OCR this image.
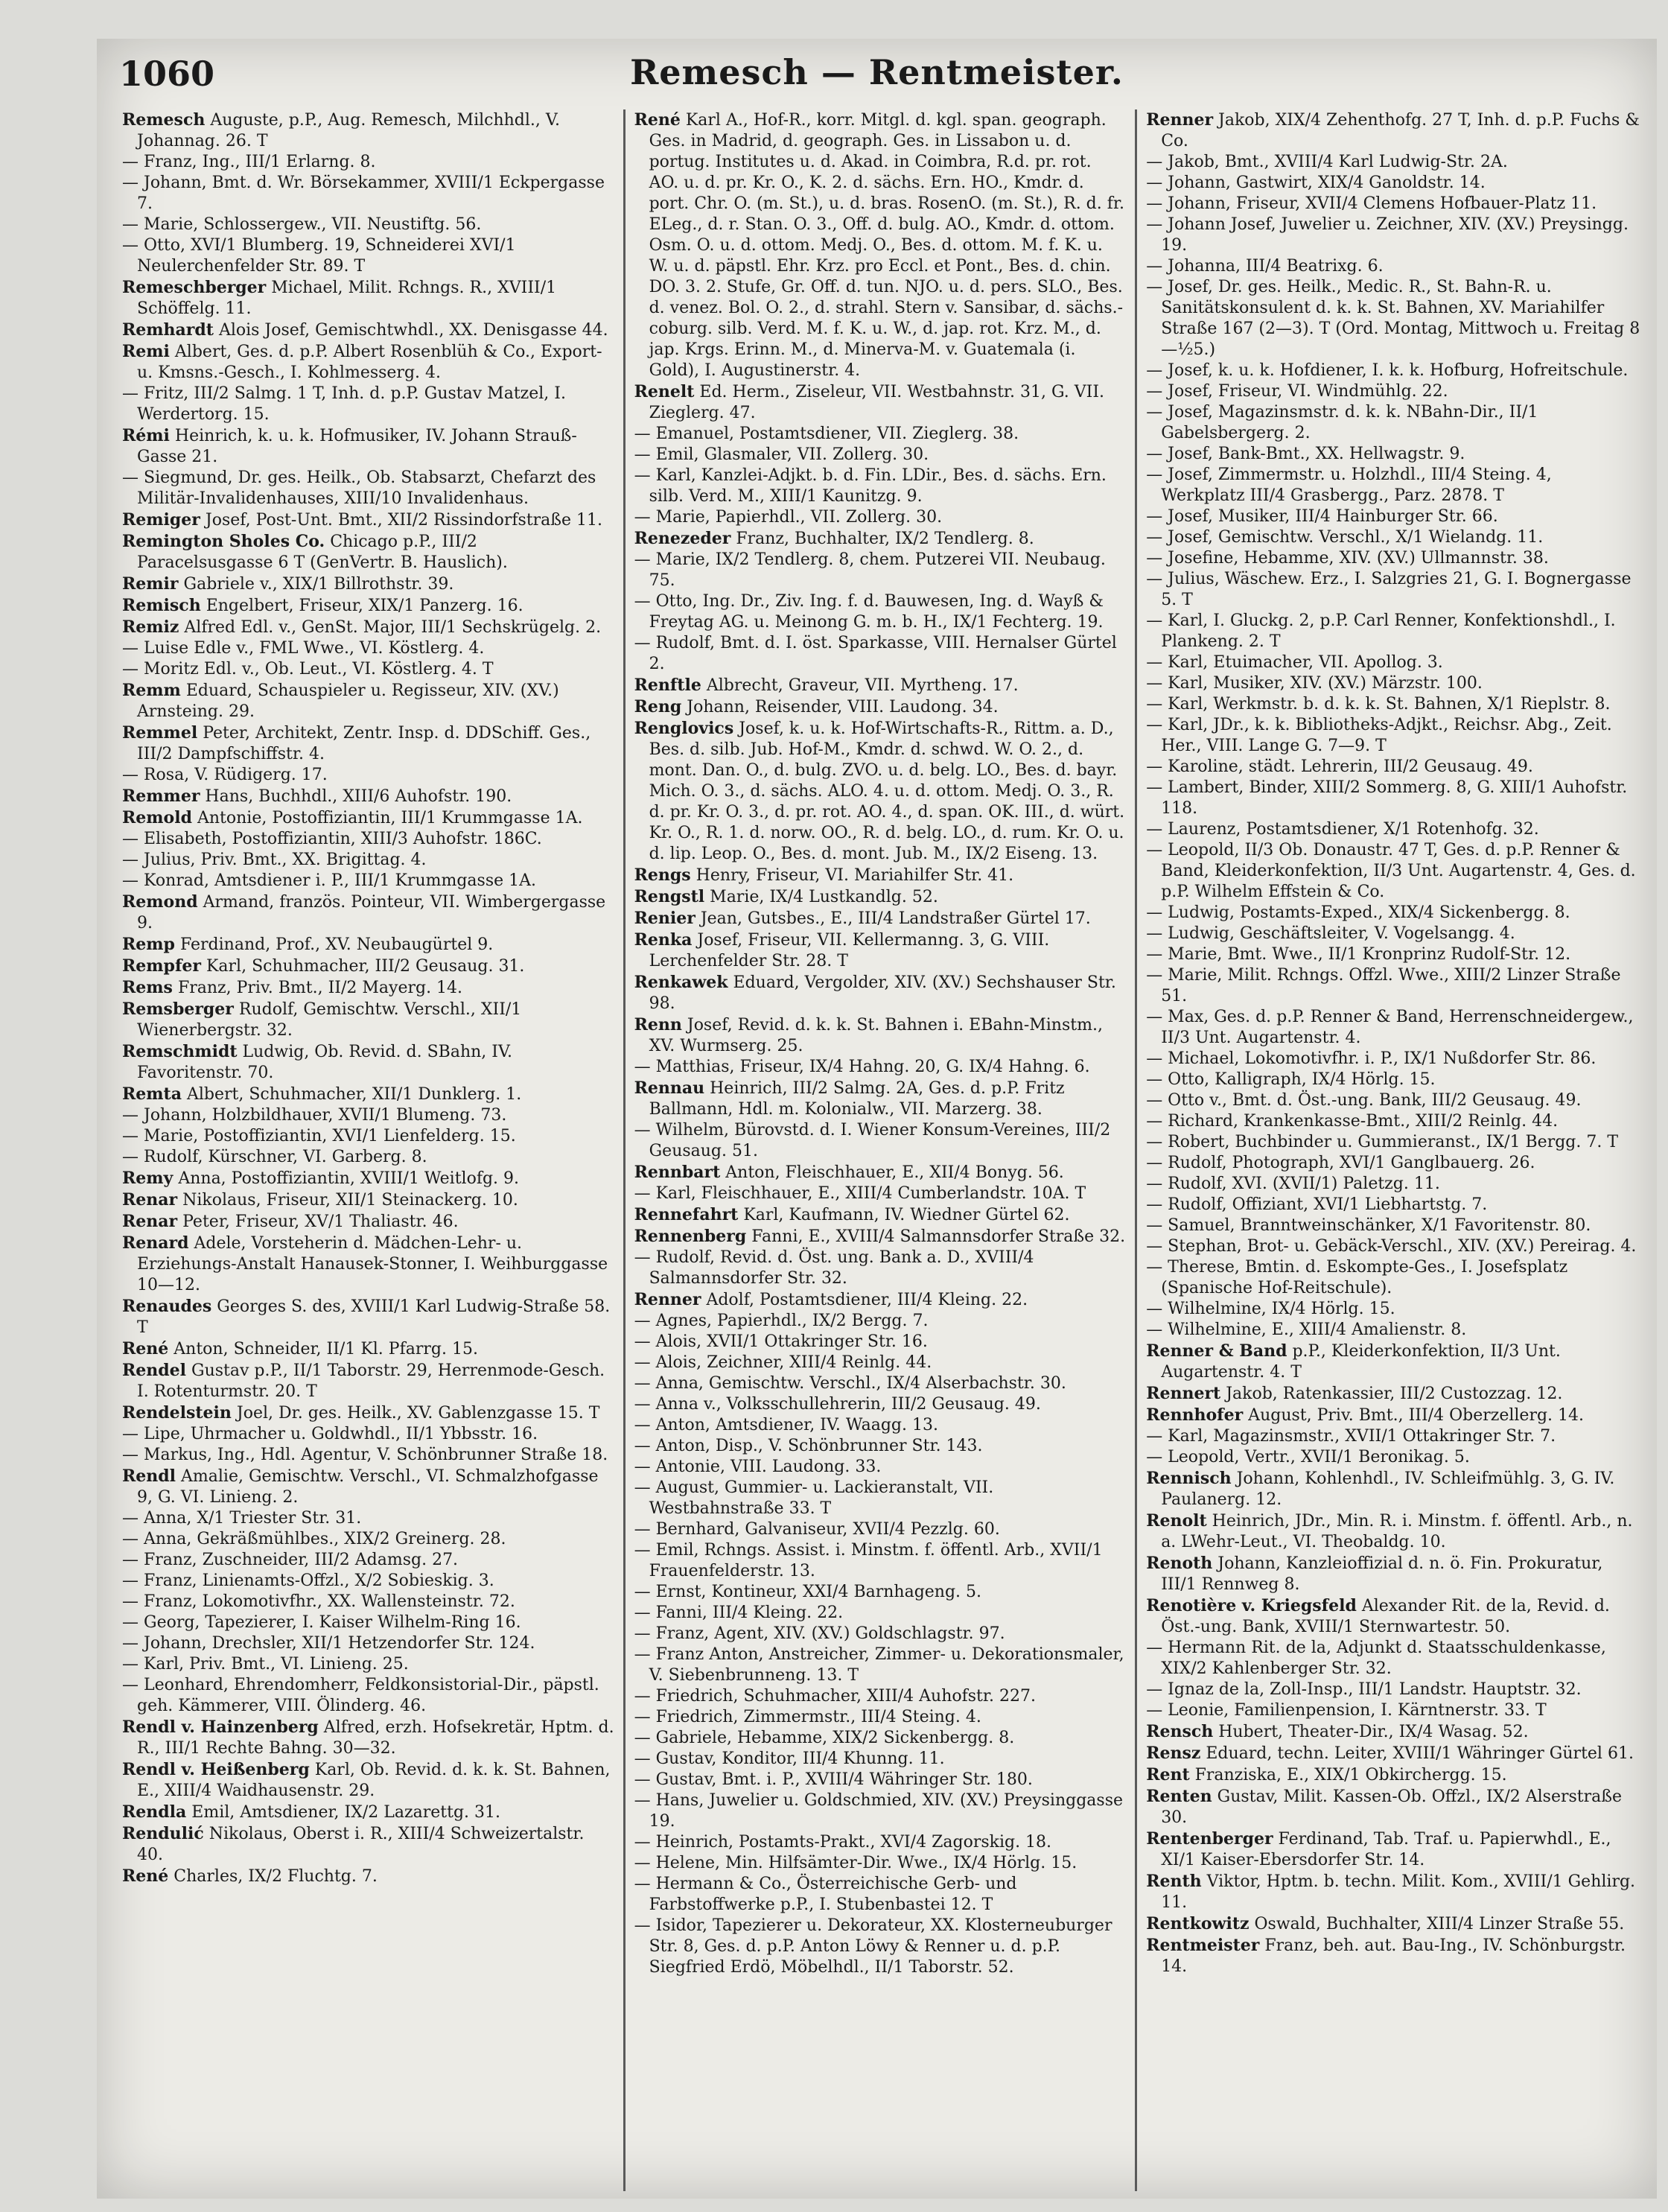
1060	Remesch — Rentmeister.

Remesch Auguste, p.P., Aug. Remesch, Milchhdl., V. Johannag. 26. T

— Franz, Ing., III/1 Erlarng. 8.

— Johann, Bmt. d. Wr. Börsekammer, XVIII/1 Eckpergasse 7.

— Marie, Schlossergew., VII. Neustiftg. 56.

— Otto, XVI/1 Blumberg. 19, Schneiderei XVI/1 Neulerchenfelder Str. 89. T

Remeschberger Michael, Milit. Rchngs. R., XVIII/1 Schöffelg. 11.

Remhardt Alois Josef, Gemischtwhdl., XX. Denisgasse 44.

Remi Albert, Ges. d. p.P. Albert Rosenblüh & Co., Export- u. Kmsns.-Gesch., I. Kohlmesserg. 4.

— Fritz, III/2 Salmg. 1 T, Inh. d. p.P. Gustav Matzel, I. Werdertorg. 15.

Rémi Heinrich, k. u. k. Hofmusiker, IV. Johann Strauß-Gasse 21.

— Siegmund, Dr. ges. Heilk., Ob. Stabsarzt, Chefarzt des Militär-Invalidenhauses, XIII/10 Invalidenhaus.

Remiger Josef, Post-Unt. Bmt., XII/2 Rissindorfstraße 11.

Remington Sholes Co. Chicago p.P., III/2 Paracelsusgasse 6 T (GenVertr. B. Hauslich).

Remir Gabriele v., XIX/1 Billrothstr. 39.

Remisch Engelbert, Friseur, XIX/1 Panzerg. 16.

Remiz Alfred Edl. v., GenSt. Major, III/1 Sechskrügelg. 2.

— Luise Edle v., FML Wwe., VI. Köstlerg. 4.

— Moritz Edl. v., Ob. Leut., VI. Köstlerg. 4. T

Remm Eduard, Schauspieler u. Regisseur, XIV. (XV.) Arnsteing. 29.

Remmel Peter, Architekt, Zentr. Insp. d. DDSchiff. Ges., III/2 Dampfschiffstr. 4.

— Rosa, V. Rüdigerg. 17.

Remmer Hans, Buchhdl., XIII/6 Auhofstr. 190.

Remold Antonie, Postoffiziantin, III/1 Krummgasse 1A.

— Elisabeth, Postoffiziantin, XIII/3 Auhofstr. 186C.

— Julius, Priv. Bmt., XX. Brigittag. 4.

— Konrad, Amtsdiener i. P., III/1 Krummgasse 1A.

Remond Armand, französ. Pointeur, VII. Wimbergergasse 9.

Remp Ferdinand, Prof., XV. Neubaugürtel 9.

Rempfer Karl, Schuhmacher, III/2 Geusaug. 31.

Rems Franz, Priv. Bmt., II/2 Mayerg. 14.

Remsberger Rudolf, Gemischtw. Verschl., XII/1 Wienerbergstr. 32.

Remschmidt Ludwig, Ob. Revid. d. SBahn, IV. Favoritenstr. 70.

Remta Albert, Schuhmacher, XII/1 Dunklerg. 1.

— Johann, Holzbildhauer, XVII/1 Blumeng. 73.

— Marie, Postoffiziantin, XVI/1 Lienfelderg. 15.

— Rudolf, Kürschner, VI. Garberg. 8.

Remy Anna, Postoffiziantin, XVIII/1 Weitlofg. 9.

Renar Nikolaus, Friseur, XII/1 Steinackerg. 10.

Renar Peter, Friseur, XV/1 Thaliastr. 46.

Renard Adele, Vorsteherin d. Mädchen-Lehr- u. Erziehungs-Anstalt Hanausek-Stonner, I. Weihburggasse 10—12.

Renaudes Georges S. des, XVIII/1 Karl Ludwig-Straße 58. T

René Anton, Schneider, II/1 Kl. Pfarrg. 15.

Rendel Gustav p.P., II/1 Taborstr. 29, Herrenmode-Gesch. I. Rotenturmstr. 20. T

Rendelstein Joel, Dr. ges. Heilk., XV. Gablenzgasse 15. T

— Lipe, Uhrmacher u. Goldwhdl., II/1 Ybbsstr. 16.

— Markus, Ing., Hdl. Agentur, V. Schönbrunner Straße 18.

Rendl Amalie, Gemischtw. Verschl., VI. Schmalzhofgasse 9, G. VI. Linieng. 2.

— Anna, X/1 Triester Str. 31.

— Anna, Gekräßmühlbes., XIX/2 Greinerg. 28.

— Franz, Zuschneider, III/2 Adamsg. 27.

— Franz, Linienamts-Offzl., X/2 Sobieskig. 3.

— Franz, Lokomotivfhr., XX. Wallensteinstr. 72.

— Georg, Tapezierer, I. Kaiser Wilhelm-Ring 16.

— Johann, Drechsler, XII/1 Hetzendorfer Str. 124.

— Karl, Priv. Bmt., VI. Linieng. 25.

— Leonhard, Ehrendomherr, Feldkonsistorial-Dir., päpstl. geh. Kämmerer, VIII. Ölinderg. 46.

Rendl v. Hainzenberg Alfred, erzh. Hofsekretär, Hptm. d. R., III/1 Rechte Bahng. 30—32.

Rendl v. Heißenberg Karl, Ob. Revid. d. k. k. St. Bahnen, E., XIII/4 Waidhausenstr. 29.

Rendla Emil, Amtsdiener, IX/2 Lazarettg. 31.

Rendulić Nikolaus, Oberst i. R., XIII/4 Schweizertalstr. 40.

René Charles, IX/2 Fluchtg. 7.

René Karl A., Hof-R., korr. Mitgl. d. kgl. span. geograph. Ges. in Madrid, d. geograph. Ges. in Lissabon u. d. portug. Institutes u. d. Akad. in Coimbra, R.d. pr. rot. AO. u. d. pr. Kr. O., K. 2. d. sächs. Ern. HO., Kmdr. d. port. Chr. O. (m. St.), u. d. bras. RosenO. (m. St.), R. d. fr. ELeg., d. r. Stan. O. 3., Off. d. bulg. AO., Kmdr. d. ottom. Osm. O. u. d. ottom. Medj. O., Bes. d. ottom. M. f. K. u. W. u. d. päpstl. Ehr. Krz. pro Eccl. et Pont., Bes. d. chin. DO. 3. 2. Stufe, Gr. Off. d. tun. NJO. u. d. pers. SLO., Bes. d. venez. Bol. O. 2., d. strahl. Stern v. Sansibar, d. sächs.-coburg. silb. Verd. M. f. K. u. W., d. jap. rot. Krz. M., d. jap. Krgs. Erinn. M., d. Minerva-M. v. Guatemala (i. Gold), I. Augustinerstr. 4.

Renelt Ed. Herm., Ziseleur, VII. Westbahnstr. 31, G. VII. Zieglerg. 47.

— Emanuel, Postamtsdiener, VII. Zieglerg. 38.

— Emil, Glasmaler, VII. Zollerg. 30.

— Karl, Kanzlei-Adjkt. b. d. Fin. LDir., Bes. d. sächs. Ern. silb. Verd. M., XIII/1 Kaunitzg. 9.

— Marie, Papierhdl., VII. Zollerg. 30.

Renezeder Franz, Buchhalter, IX/2 Tendlerg. 8.

— Marie, IX/2 Tendlerg. 8, chem. Putzerei VII. Neubaug. 75.

— Otto, Ing. Dr., Ziv. Ing. f. d. Bauwesen, Ing. d. Wayß & Freytag AG. u. Meinong G. m. b. H., IX/1 Fechterg. 19.

— Rudolf, Bmt. d. I. öst. Sparkasse, VIII. Hernalser Gürtel 2.

Renftle Albrecht, Graveur, VII. Myrtheng. 17.

Reng Johann, Reisender, VIII. Laudong. 34.

Renglovics Josef, k. u. k. Hof-Wirtschafts-R., Rittm. a. D., Bes. d. silb. Jub. Hof-M., Kmdr. d. schwd. W. O. 2., d. mont. Dan. O., d. bulg. ZVO. u. d. belg. LO., Bes. d. bayr. Mich. O. 3., d. sächs. ALO. 4. u. d. ottom. Medj. O. 3., R. d. pr. Kr. O. 3., d. pr. rot. AO. 4., d. span. OK. III., d. würt. Kr. O., R. 1. d. norw. OO., R. d. belg. LO., d. rum. Kr. O. u. d. lip. Leop. O., Bes. d. mont. Jub. M., IX/2 Eiseng. 13.

Rengs Henry, Friseur, VI. Mariahilfer Str. 41.

Rengstl Marie, IX/4 Lustkandlg. 52.

Renier Jean, Gutsbes., E., III/4 Landstraßer Gürtel 17.

Renka Josef, Friseur, VII. Kellermanng. 3, G. VIII. Lerchenfelder Str. 28. T

Renkawek Eduard, Vergolder, XIV. (XV.) Sechshauser Str. 98.

Renn Josef, Revid. d. k. k. St. Bahnen i. EBahn-Minstm., XV. Wurmserg. 25.

— Matthias, Friseur, IX/4 Hahng. 20, G. IX/4 Hahng. 6.

Rennau Heinrich, III/2 Salmg. 2A, Ges. d. p.P. Fritz Ballmann, Hdl. m. Kolonialw., VII. Marzerg. 38.

— Wilhelm, Bürovstd. d. I. Wiener Konsum-Vereines, III/2 Geusaug. 51.

Rennbart Anton, Fleischhauer, E., XII/4 Bonyg. 56.

— Karl, Fleischhauer, E., XIII/4 Cumberlandstr. 10A. T

Rennefahrt Karl, Kaufmann, IV. Wiedner Gürtel 62.

Rennenberg Fanni, E., XVIII/4 Salmannsdorfer Straße 32.

— Rudolf, Revid. d. Öst. ung. Bank a. D., XVIII/4 Salmannsdorfer Str. 32.

Renner Adolf, Postamtsdiener, III/4 Kleing. 22.

— Agnes, Papierhdl., IX/2 Bergg. 7.

— Alois, XVII/1 Ottakringer Str. 16.

— Alois, Zeichner, XIII/4 Reinlg. 44.

— Anna, Gemischtw. Verschl., IX/4 Alserbachstr. 30.

— Anna v., Volksschullehrerin, III/2 Geusaug. 49.

— Anton, Amtsdiener, IV. Waagg. 13.

— Anton, Disp., V. Schönbrunner Str. 143.

— Antonie, VIII. Laudong. 33.

— August, Gummier- u. Lackieranstalt, VII. Westbahnstraße 33. T

— Bernhard, Galvaniseur, XVII/4 Pezzlg. 60.

— Emil, Rchngs. Assist. i. Minstm. f. öffentl. Arb., XVII/1 Frauenfelderstr. 13.

— Ernst, Kontineur, XXI/4 Barnhageng. 5.

— Fanni, III/4 Kleing. 22.

— Franz, Agent, XIV. (XV.) Goldschlagstr. 97.

— Franz Anton, Anstreicher, Zimmer- u. Dekorationsmaler, V. Siebenbrunneng. 13. T

— Friedrich, Schuhmacher, XIII/4 Auhofstr. 227.

— Friedrich, Zimmermstr., III/4 Steing. 4.

— Gabriele, Hebamme, XIX/2 Sickenbergg. 8.

— Gustav, Konditor, III/4 Khunng. 11.

— Gustav, Bmt. i. P., XVIII/4 Währinger Str. 180.

— Hans, Juwelier u. Goldschmied, XIV. (XV.) Preysinggasse 19.

— Heinrich, Postamts-Prakt., XVI/4 Zagorskig. 18.

— Helene, Min. Hilfsämter-Dir. Wwe., IX/4 Hörlg. 15.

— Hermann & Co., Österreichische Gerb- und Farbstoffwerke p.P., I. Stubenbastei 12. T

— Isidor, Tapezierer u. Dekorateur, XX. Klosterneuburger Str. 8, Ges. d. p.P. Anton Löwy & Renner u. d. p.P. Siegfried Erdö, Möbelhdl., II/1 Taborstr. 52.

Renner Jakob, XIX/4 Zehenthofg. 27 T, Inh. d. p.P. Fuchs & Co.

— Jakob, Bmt., XVIII/4 Karl Ludwig-Str. 2A.

— Johann, Gastwirt, XIX/4 Ganoldstr. 14.

— Johann, Friseur, XVII/4 Clemens Hofbauer-Platz 11.

— Johann Josef, Juwelier u. Zeichner, XIV. (XV.) Preysingg. 19.

— Johanna, III/4 Beatrixg. 6.

— Josef, Dr. ges. Heilk., Medic. R., St. Bahn-R. u. Sanitätskonsulent d. k. k. St. Bahnen, XV. Mariahilfer Straße 167 (2—3). T (Ord. Montag, Mittwoch u. Freitag 8—½5.)

— Josef, k. u. k. Hofdiener, I. k. k. Hofburg, Hofreitschule.

— Josef, Friseur, VI. Windmühlg. 22.

— Josef, Magazinsmstr. d. k. k. NBahn-Dir., II/1 Gabelsbergerg. 2.

— Josef, Bank-Bmt., XX. Hellwagstr. 9.

— Josef, Zimmermstr. u. Holzhdl., III/4 Steing. 4, Werkplatz III/4 Grasbergg., Parz. 2878. T

— Josef, Musiker, III/4 Hainburger Str. 66.

— Josef, Gemischtw. Verschl., X/1 Wielandg. 11.

— Josefine, Hebamme, XIV. (XV.) Ullmannstr. 38.

— Julius, Wäschew. Erz., I. Salzgries 21, G. I. Bognergasse 5. T

— Karl, I. Gluckg. 2, p.P. Carl Renner, Konfektionshdl., I. Plankeng. 2. T

— Karl, Etuimacher, VII. Apollog. 3.

— Karl, Musiker, XIV. (XV.) Märzstr. 100.

— Karl, Werkmstr. b. d. k. k. St. Bahnen, X/1 Rieplstr. 8.

— Karl, JDr., k. k. Bibliotheks-Adjkt., Reichsr. Abg., Zeit. Her., VIII. Lange G. 7—9. T

— Karoline, städt. Lehrerin, III/2 Geusaug. 49.

— Lambert, Binder, XIII/2 Sommerg. 8, G. XIII/1 Auhofstr. 118.

— Laurenz, Postamtsdiener, X/1 Rotenhofg. 32.

— Leopold, II/3 Ob. Donaustr. 47 T, Ges. d. p.P. Renner & Band, Kleiderkonfektion, II/3 Unt. Augartenstr. 4, Ges. d. p.P. Wilhelm Effstein & Co.

— Ludwig, Postamts-Exped., XIX/4 Sickenbergg. 8.

— Ludwig, Geschäftsleiter, V. Vogelsangg. 4.

— Marie, Bmt. Wwe., II/1 Kronprinz Rudolf-Str. 12.

— Marie, Milit. Rchngs. Offzl. Wwe., XIII/2 Linzer Straße 51.

— Max, Ges. d. p.P. Renner & Band, Herrenschneidergew., II/3 Unt. Augartenstr. 4.

— Michael, Lokomotivfhr. i. P., IX/1 Nußdorfer Str. 86.

— Otto, Kalligraph, IX/4 Hörlg. 15.

— Otto v., Bmt. d. Öst.-ung. Bank, III/2 Geusaug. 49.

— Richard, Krankenkasse-Bmt., XIII/2 Reinlg. 44.

— Robert, Buchbinder u. Gummieranst., IX/1 Bergg. 7. T

— Rudolf, Photograph, XVI/1 Ganglbauerg. 26.

— Rudolf, XVI. (XVII/1) Paletzg. 11.

— Rudolf, Offiziant, XVI/1 Liebhartstg. 7.

— Samuel, Branntweinschänker, X/1 Favoritenstr. 80.

— Stephan, Brot- u. Gebäck-Verschl., XIV. (XV.) Pereirag. 4.

— Therese, Bmtin. d. Eskompte-Ges., I. Josefsplatz (Spanische Hof-Reitschule).

— Wilhelmine, IX/4 Hörlg. 15.

— Wilhelmine, E., XIII/4 Amalienstr. 8.

Renner & Band p.P., Kleiderkonfektion, II/3 Unt. Augartenstr. 4. T

Rennert Jakob, Ratenkassier, III/2 Custozzag. 12.

Rennhofer August, Priv. Bmt., III/4 Oberzellerg. 14.

— Karl, Magazinsmstr., XVII/1 Ottakringer Str. 7.

— Leopold, Vertr., XVII/1 Beronikag. 5.

Rennisch Johann, Kohlenhdl., IV. Schleifmühlg. 3, G. IV. Paulanerg. 12.

Renolt Heinrich, JDr., Min. R. i. Minstm. f. öffentl. Arb., n. a. LWehr-Leut., VI. Theobaldg. 10.

Renoth Johann, Kanzleioffizial d. n. ö. Fin. Prokuratur, III/1 Rennweg 8.

Renotière v. Kriegsfeld Alexander Rit. de la, Revid. d. Öst.-ung. Bank, XVIII/1 Sternwartestr. 50.

— Hermann Rit. de la, Adjunkt d. Staatsschuldenkasse, XIX/2 Kahlenberger Str. 32.

— Ignaz de la, Zoll-Insp., III/1 Landstr. Hauptstr. 32.

— Leonie, Familienpension, I. Kärntnerstr. 33. T

Rensch Hubert, Theater-Dir., IX/4 Wasag. 52.

Rensz Eduard, techn. Leiter, XVIII/1 Währinger Gürtel 61.

Rent Franziska, E., XIX/1 Obkirchergg. 15.

Renten Gustav, Milit. Kassen-Ob. Offzl., IX/2 Alserstraße 30.

Rentenberger Ferdinand, Tab. Traf. u. Papierwhdl., E., XI/1 Kaiser-Ebersdorfer Str. 14.

Renth Viktor, Hptm. b. techn. Milit. Kom., XVIII/1 Gehlirg. 11.

Rentkowitz Oswald, Buchhalter, XIII/4 Linzer Straße 55.

Rentmeister Franz, beh. aut. Bau-Ing., IV. Schönburgstr. 14.
